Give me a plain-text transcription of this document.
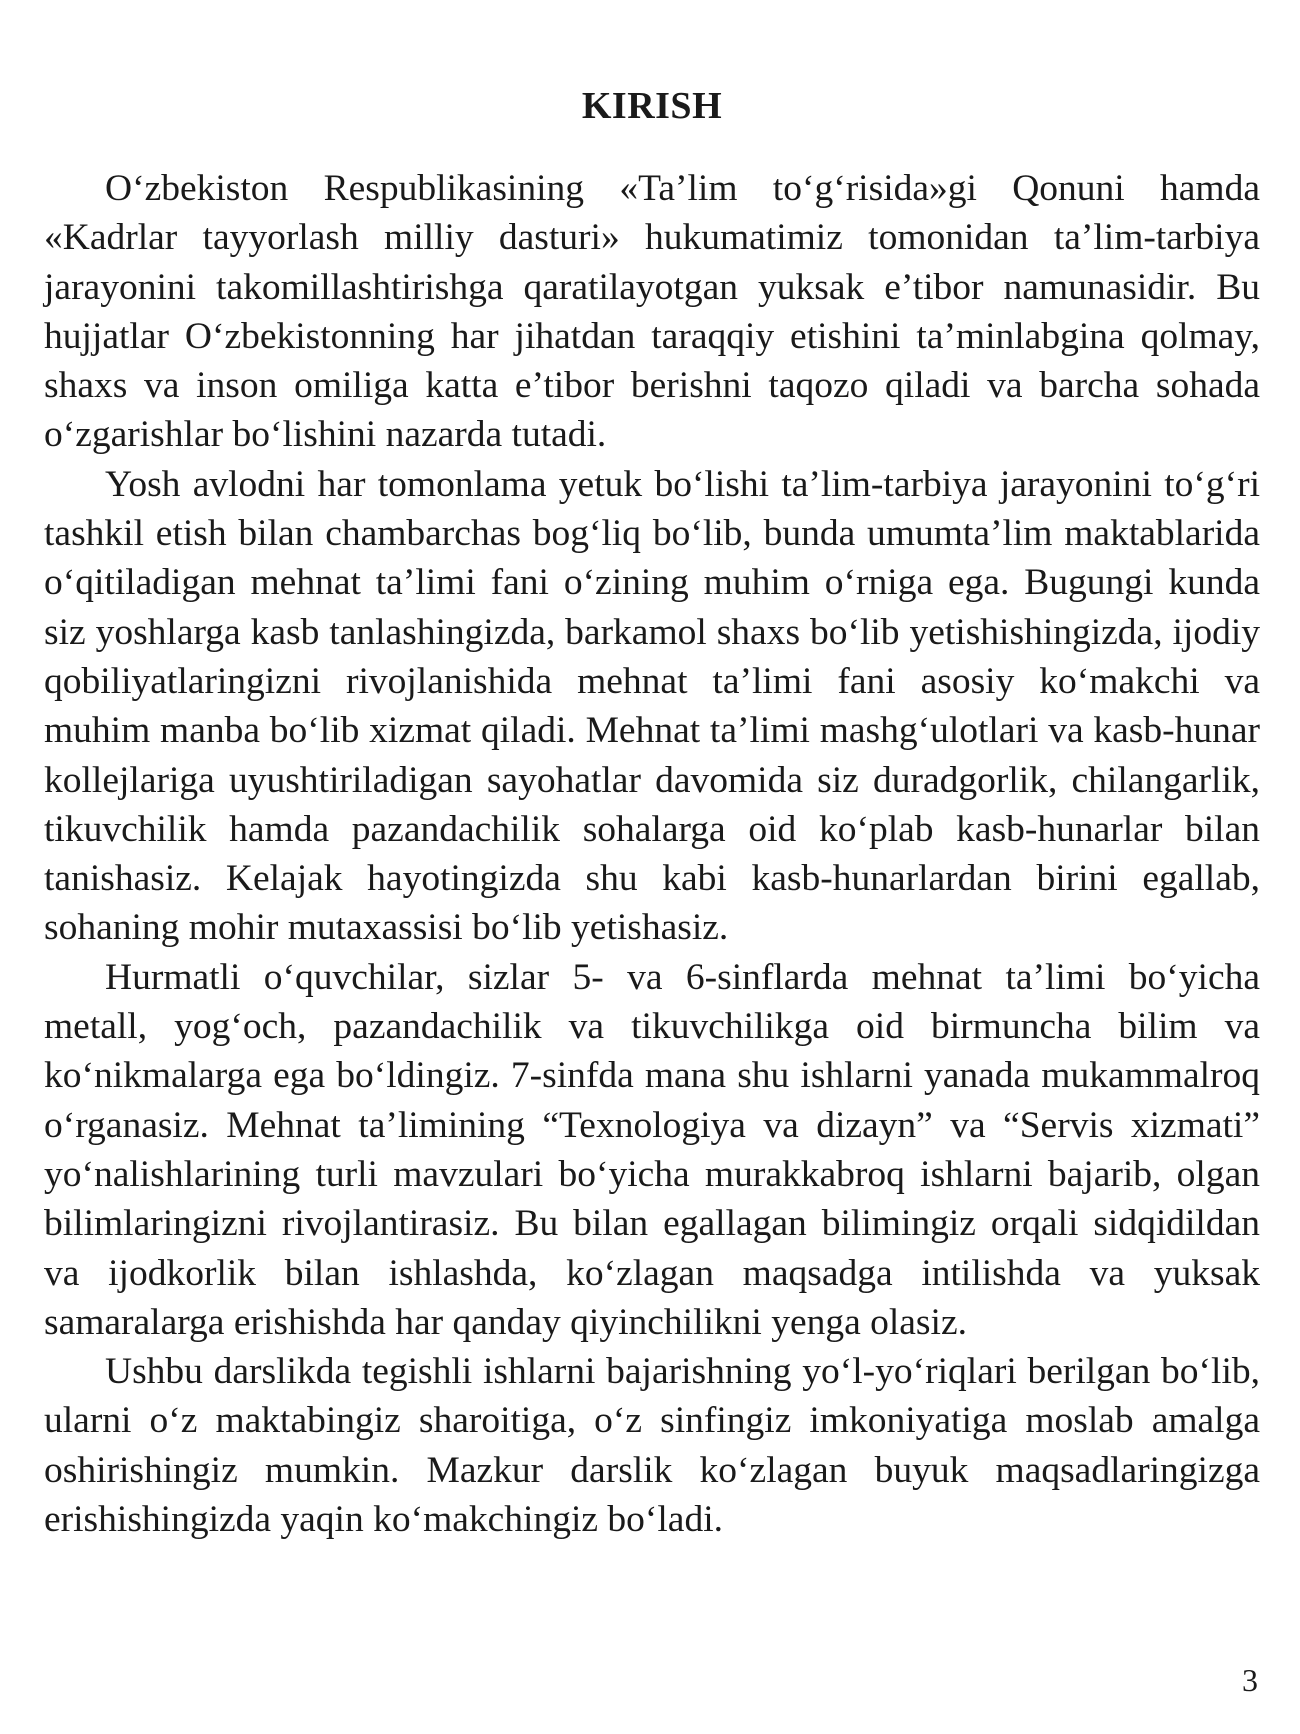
KIRISH

O‘zbekiston Respublikasining «Ta’lim to‘g‘risida»gi Qonuni hamda «Kadrlar tayyorlash milliy dasturi» hukumatimiz tomonidan ta’lim-tarbiya jarayonini takomillashtirishga qaratilayotgan yuksak e’tibor namunasidir. Bu hujjatlar O‘zbekistonning har jihatdan taraqqiy etishini ta’minlabgina qolmay, shaxs va inson omiliga katta e’tibor berishni taqozo qiladi va barcha sohada o‘zgarishlar bo‘lishini nazarda tutadi.

Yosh avlodni har tomonlama yetuk bo‘lishi ta’lim-tarbiya jarayonini to‘g‘ri tashkil etish bilan chambarchas bog‘liq bo‘lib, bunda umumta’lim maktablarida o‘qitiladigan mehnat ta’limi fani o‘zining muhim o‘rniga ega. Bugungi kunda siz yoshlarga kasb tanlashingizda, barkamol shaxs bo‘lib yetishishingizda, ijodiy qobiliyatlaringizni rivojlanishida mehnat ta’limi fani asosiy ko‘makchi va muhim manba bo‘lib xizmat qiladi. Mehnat ta’limi mashg‘ulotlari va kasb-hunar kollejlariga uyushtiriladigan sayohatlar davomida siz duradgorlik, chilangarlik, tikuvchilik hamda pazandachilik sohalarga oid ko‘plab kasb-hunarlar bilan tanishasiz. Kelajak hayotingizda shu kabi kasb-hunarlardan birini egallab, sohaning mohir mutaxassisi bo‘lib yetishasiz.

Hurmatli o‘quvchilar, sizlar 5- va 6-sinflarda mehnat ta’limi bo‘yicha metall, yog‘och, pazandachilik va tikuvchilikga oid birmuncha bilim va ko‘nikmalarga ega bo‘ldingiz. 7-sinfda mana shu ishlarni yanada mukammalroq o‘rganasiz. Mehnat ta’limining “Texnologiya va dizayn” va “Servis xizmati” yo‘nalishlarining turli mavzulari bo‘yicha murakkabroq ishlarni bajarib, olgan bilimlaringizni rivojlantirasiz. Bu bilan egallagan bilimingiz orqali sidqidildan va ijodkorlik bilan ishlashda, ko‘zlagan maqsadga intilishda va yuksak samaralarga erishishda har qanday qiyinchilikni yenga olasiz.

Ushbu darslikda tegishli ishlarni bajarishning yo‘l-yo‘riqlari berilgan bo‘lib, ularni o‘z maktabingiz sharoitiga, o‘z sinfingiz imkoniyatiga moslab amalga oshirishingiz mumkin. Mazkur darslik ko‘zlagan buyuk maqsadlaringizga erishishingizda yaqin ko‘makchingiz bo‘ladi.

3
